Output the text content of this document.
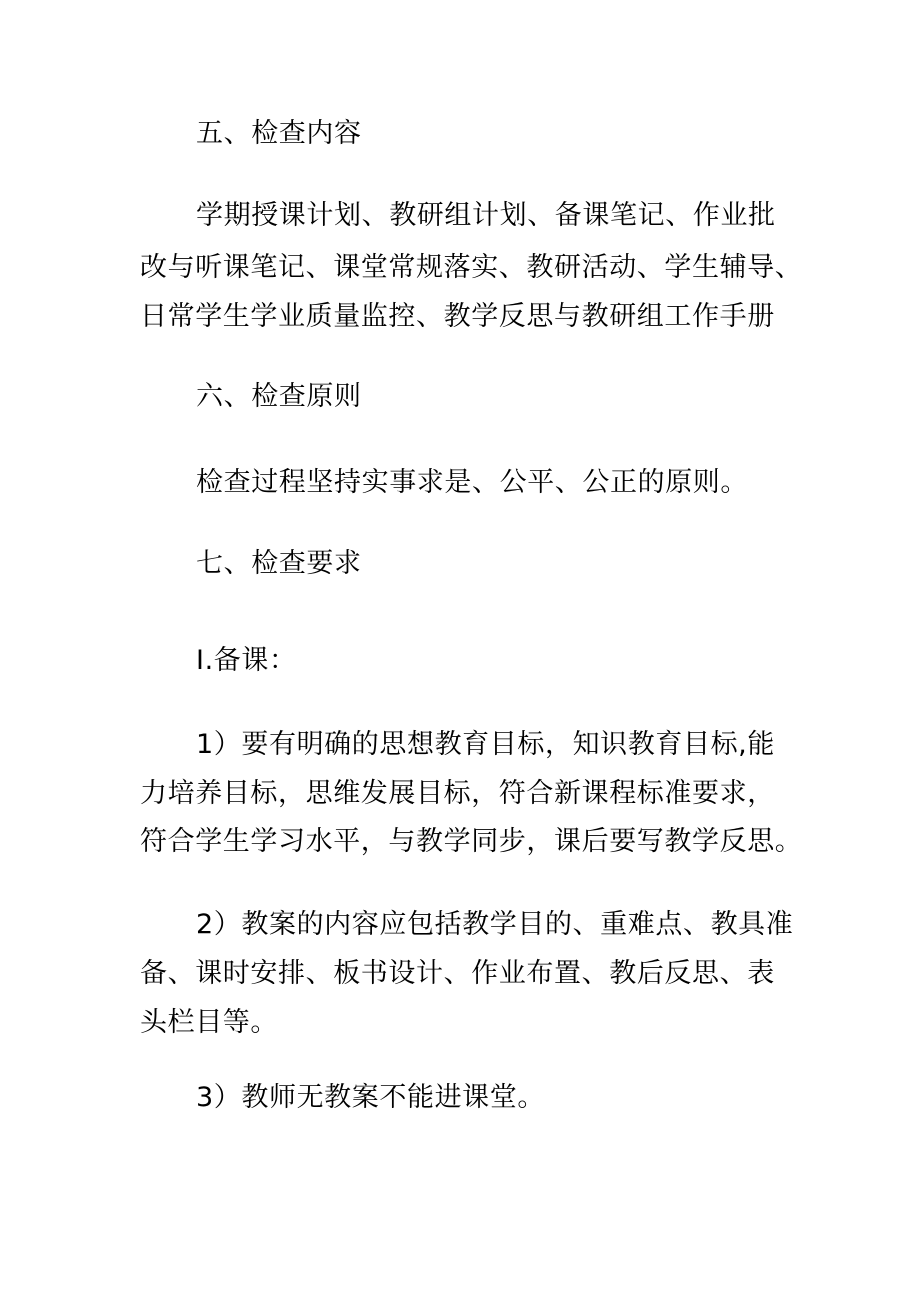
五、检查内容
学期授课计划、教研组计划、备课笔记、作业批
改与听课笔记、课堂常规落实、教研活动、学生辅导、
日常学生学业质量监控、教学反思与教研组工作手册
六、检查原则
检查过程坚持实事求是、公平、公正的原则。
七、检查要求
I.备课：
1）要有明确的思想教育目标，知识教育目标,能
力培养目标，思维发展目标，符合新课程标准要求，
符合学生学习水平，与教学同步，课后要写教学反思。
2）教案的内容应包括教学目的、重难点、教具准
备、课时安排、板书设计、作业布置、教后反思、表
头栏目等。
3）教师无教案不能进课堂。
